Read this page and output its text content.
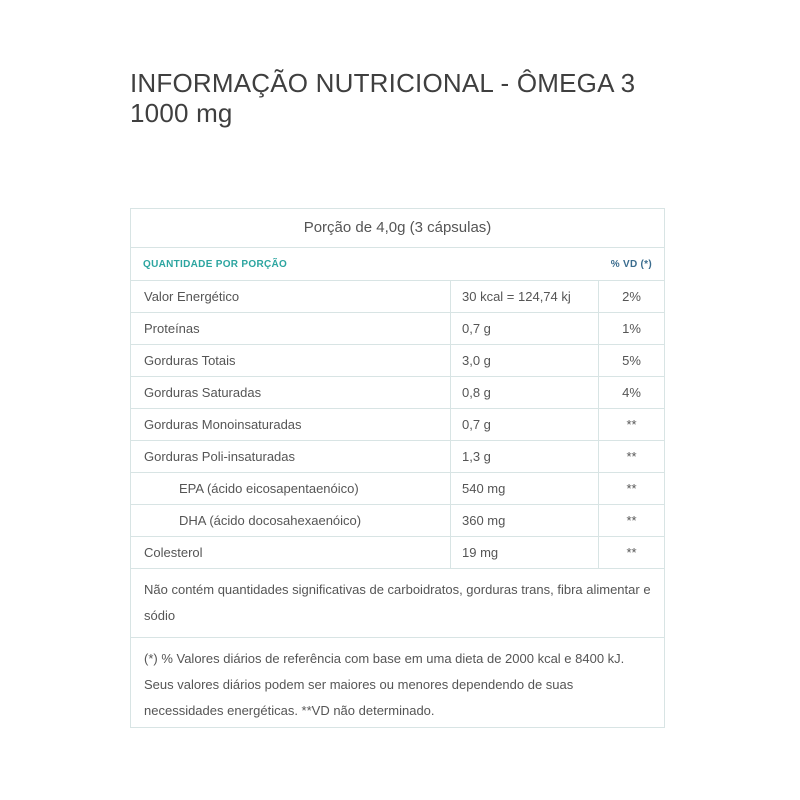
INFORMAÇÃO NUTRICIONAL - ÔMEGA 3
1000 mg
Porção de 4,0g (3 cápsulas)
QUANTIDADE POR PORÇÃO	% VD (*)
Valor Energético	30 kcal = 124,74 kj	2%
Proteínas	0,7 g	1%
Gorduras Totais	3,0 g	5%
Gorduras Saturadas	0,8 g	4%
Gorduras Monoinsaturadas	0,7 g	**
Gorduras Poli-insaturadas	1,3 g	**
EPA (ácido eicosapentaenóico)	540 mg	**
DHA (ácido docosahexaenóico)	360 mg	**
Colesterol	19 mg	**
Não contém quantidades significativas de carboidratos, gorduras trans, fibra alimentar e sódio
(*) % Valores diários de referência com base em uma dieta de 2000 kcal e 8400 kJ. Seus valores diários podem ser maiores ou menores dependendo de suas necessidades energéticas. **VD não determinado.
